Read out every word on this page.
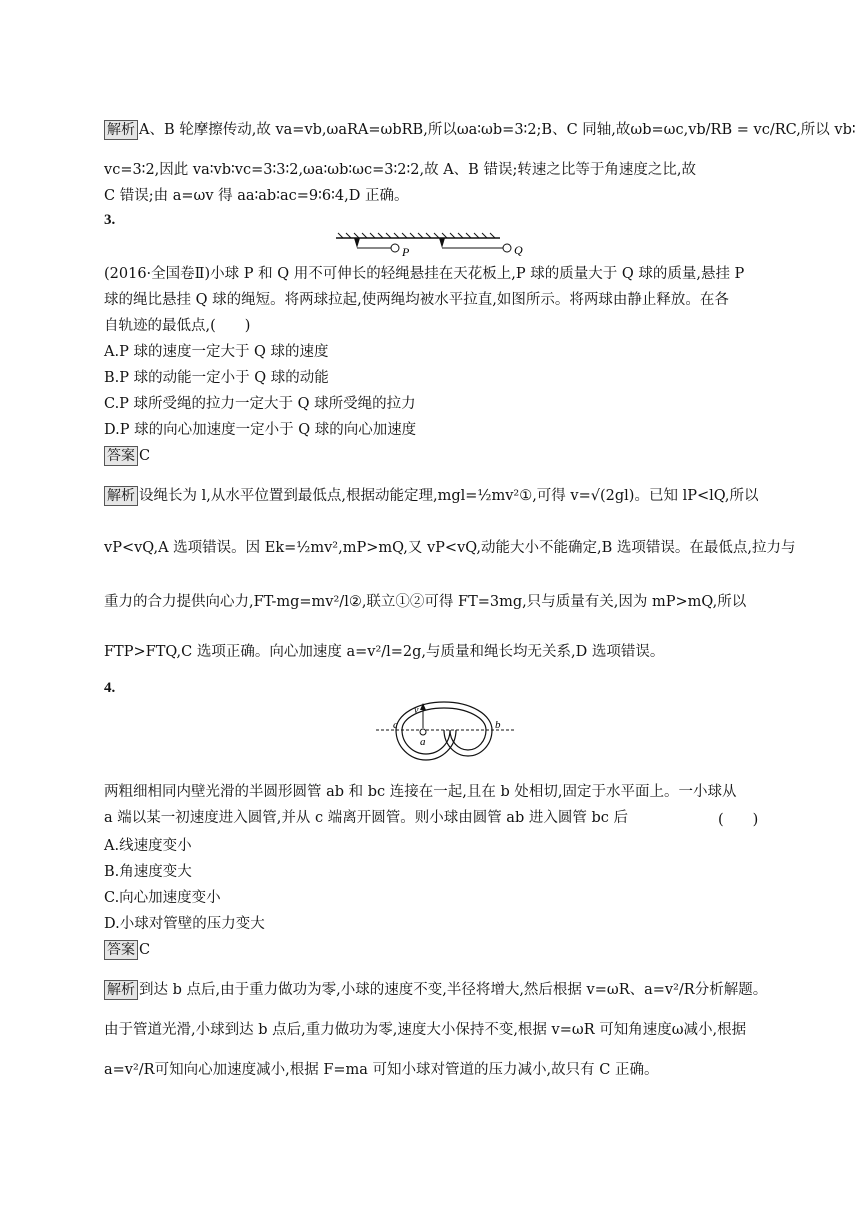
解析 A、B 轮摩擦传动,故 va=vb,ωaRA=ωbRB,所以ωa∶ωb=3∶2;B、C 同轴,故ωb=ωc,vb/RB = vc/RC,所以 vb∶
vc=3∶2,因此 va∶vb∶vc=3∶3∶2,ωa∶ωb∶ωc=3∶2∶2,故 A、B 错误;转速之比等于角速度之比,故
C 错误;由 a=ωv 得 aa∶ab∶ac=9∶6∶4,D 正确。
3.
P	Q
(2016·全国卷Ⅱ)小球 P 和 Q 用不可伸长的轻绳悬挂在天花板上,P 球的质量大于 Q 球的质量,悬挂 P
球的绳比悬挂 Q 球的绳短。将两球拉起,使两绳均被水平拉直,如图所示。将两球由静止释放。在各
自轨迹的最低点,(　　)
A.P 球的速度一定大于 Q 球的速度
B.P 球的动能一定小于 Q 球的动能
C.P 球所受绳的拉力一定大于 Q 球所受绳的拉力
D.P 球的向心加速度一定小于 Q 球的向心加速度
答案 C
解析 设绳长为 l,从水平位置到最低点,根据动能定理,mgl=½mv²①,可得 v=√(2gl)。已知 lP<lQ,所以
vP<vQ,A 选项错误。因 Ek=½mv²,mP>mQ,又 vP<vQ,动能大小不能确定,B 选项错误。在最低点,拉力与
重力的合力提供向心力,FT-mg=mv²/l②,联立①②可得 FT=3mg,只与质量有关,因为 mP>mQ,所以
FTP>FTQ,C 选项正确。向心加速度 a=v²/l=2g,与质量和绳长均无关系,D 选项错误。
4.
v
c
a
b
两粗细相同内壁光滑的半圆形圆管 ab 和 bc 连接在一起,且在 b 处相切,固定于水平面上。一小球从
a 端以某一初速度进入圆管,并从 c 端离开圆管。则小球由圆管 ab 进入圆管 bc 后	(　　)
A.线速度变小
B.角速度变大
C.向心加速度变小
D.小球对管壁的压力变大
答案 C
解析 到达 b 点后,由于重力做功为零,小球的速度不变,半径将增大,然后根据 v=ωR、a=v²/R分析解题。
由于管道光滑,小球到达 b 点后,重力做功为零,速度大小保持不变,根据 v=ωR 可知角速度ω减小,根据
a=v²/R可知向心加速度减小,根据 F=ma 可知小球对管道的压力减小,故只有 C 正确。
